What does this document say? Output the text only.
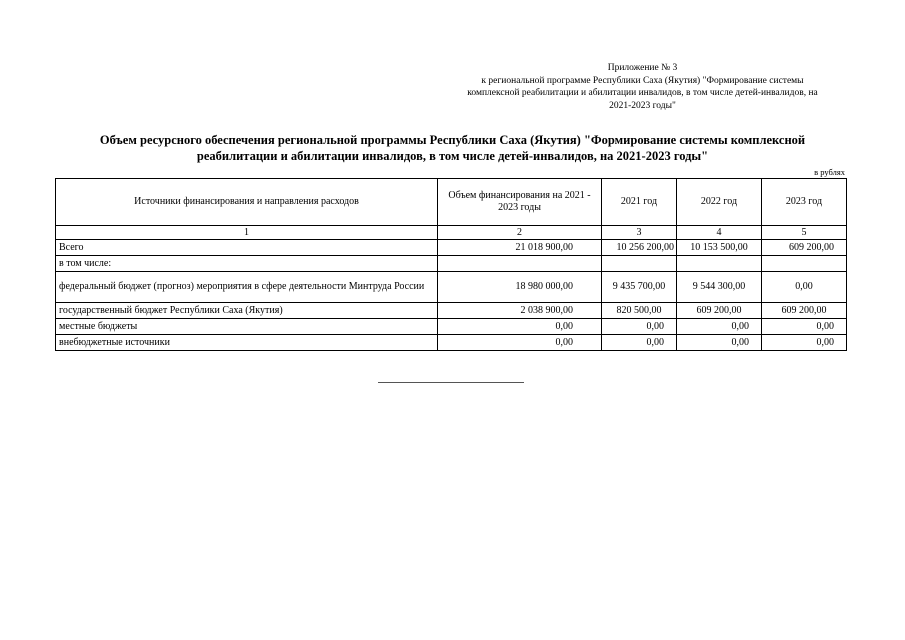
Приложение № 3
к региональной программе Республики Саха (Якутия) "Формирование системы
комплексной реабилитации и абилитации инвалидов, в том числе детей-инвалидов, на
2021-2023 годы"
Объем ресурсного обеспечения региональной программы Республики Саха (Якутия) "Формирование системы комплексной
реабилитации и абилитации инвалидов, в том числе детей-инвалидов, на 2021-2023 годы"
в рублях
Источники финансирования и направления расходов	Объем финансирования на 2021 - 2023 годы	2021 год	2022 год	2023 год
1	2	3	4	5
Всего	21 018 900,00	10 256 200,00	10 153 500,00	609 200,00
в том числе:				
федеральный бюджет (прогноз) мероприятия в сфере деятельности Минтруда России	18 980 000,00	9 435 700,00	9 544 300,00	0,00
государственный бюджет Республики Саха (Якутия)	2 038 900,00	820 500,00	609 200,00	609 200,00
местные бюджеты	0,00	0,00	0,00	0,00
внебюджетные источники	0,00	0,00	0,00	0,00
